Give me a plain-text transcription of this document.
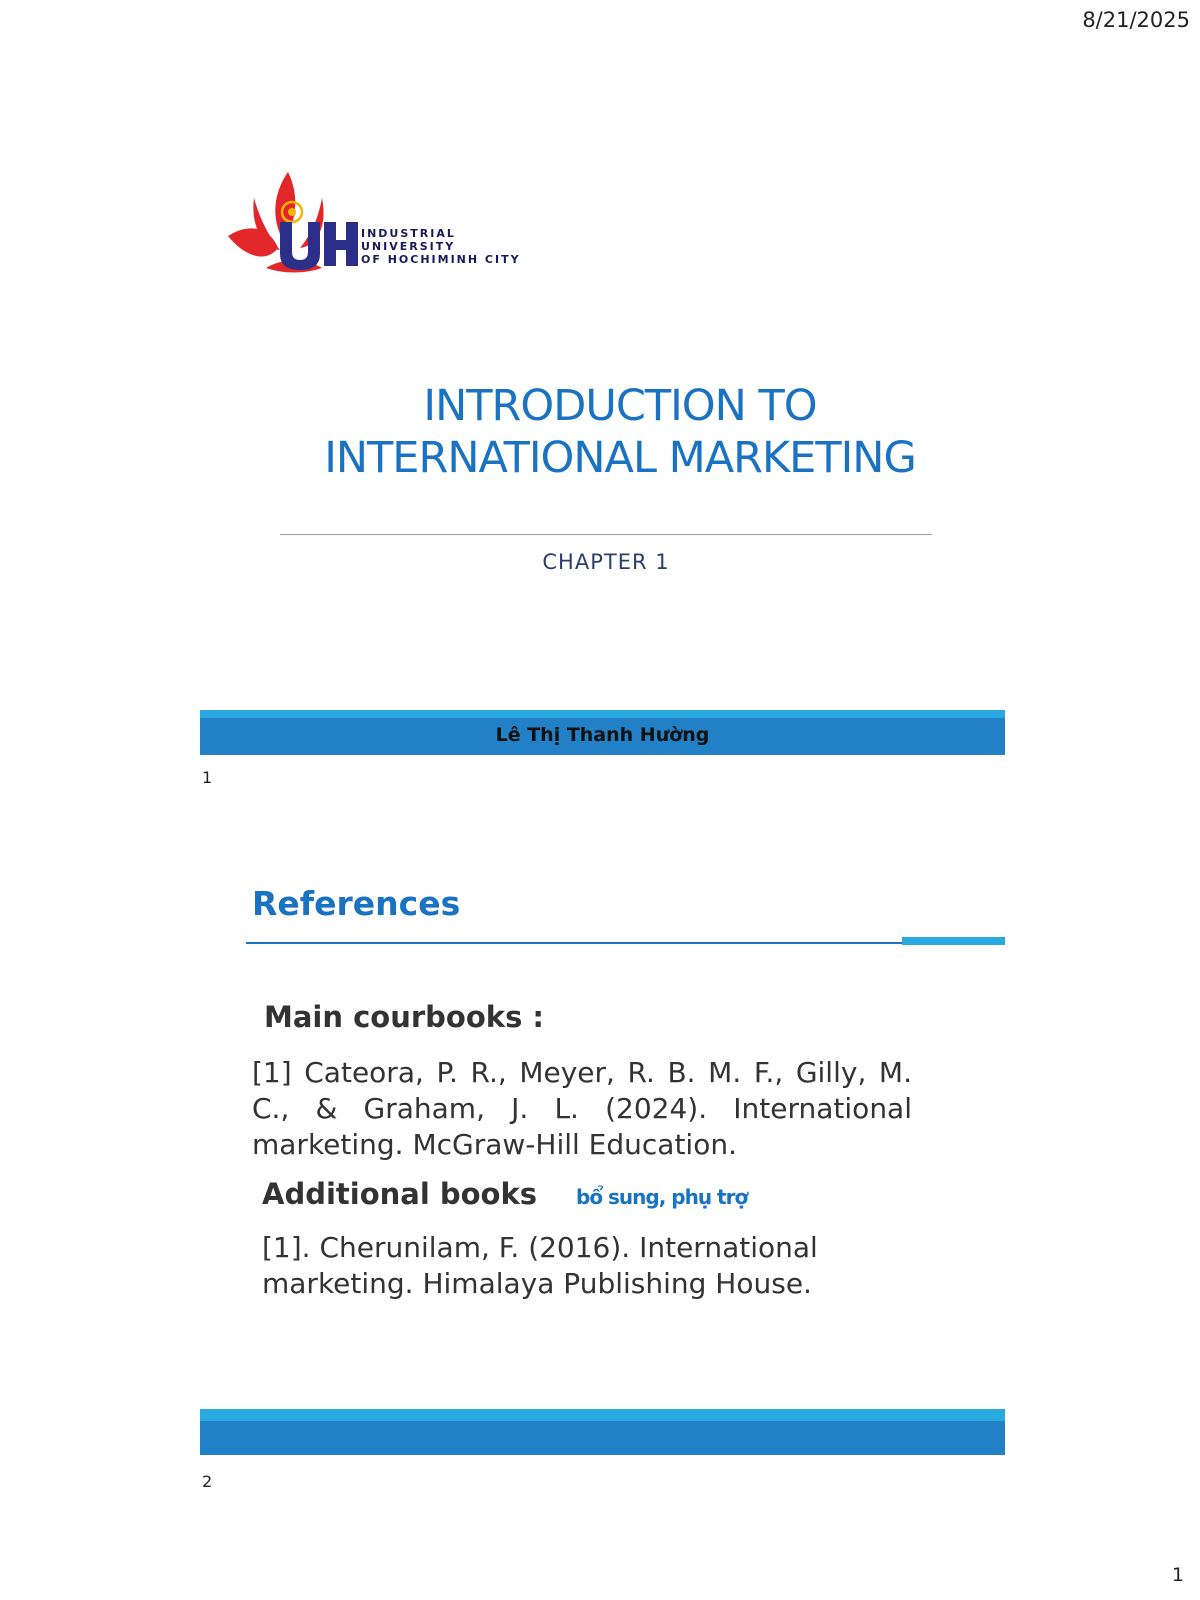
8/21/2025
INDUSTRIAL
UNIVERSITY
OF HOCHIMINH CITY
INTRODUCTION TO
INTERNATIONAL MARKETING
CHAPTER 1
Lê Thị Thanh Hường
1
References
Main courbooks :
[1] Cateora, P. R., Meyer, R. B. M. F., Gilly, M. C., & Graham, J. L. (2024). International marketing. McGraw-Hill Education.
Additional books bổ sung, phụ trợ
[1]. Cherunilam, F. (2016). International marketing. Himalaya Publishing House.
2
1
